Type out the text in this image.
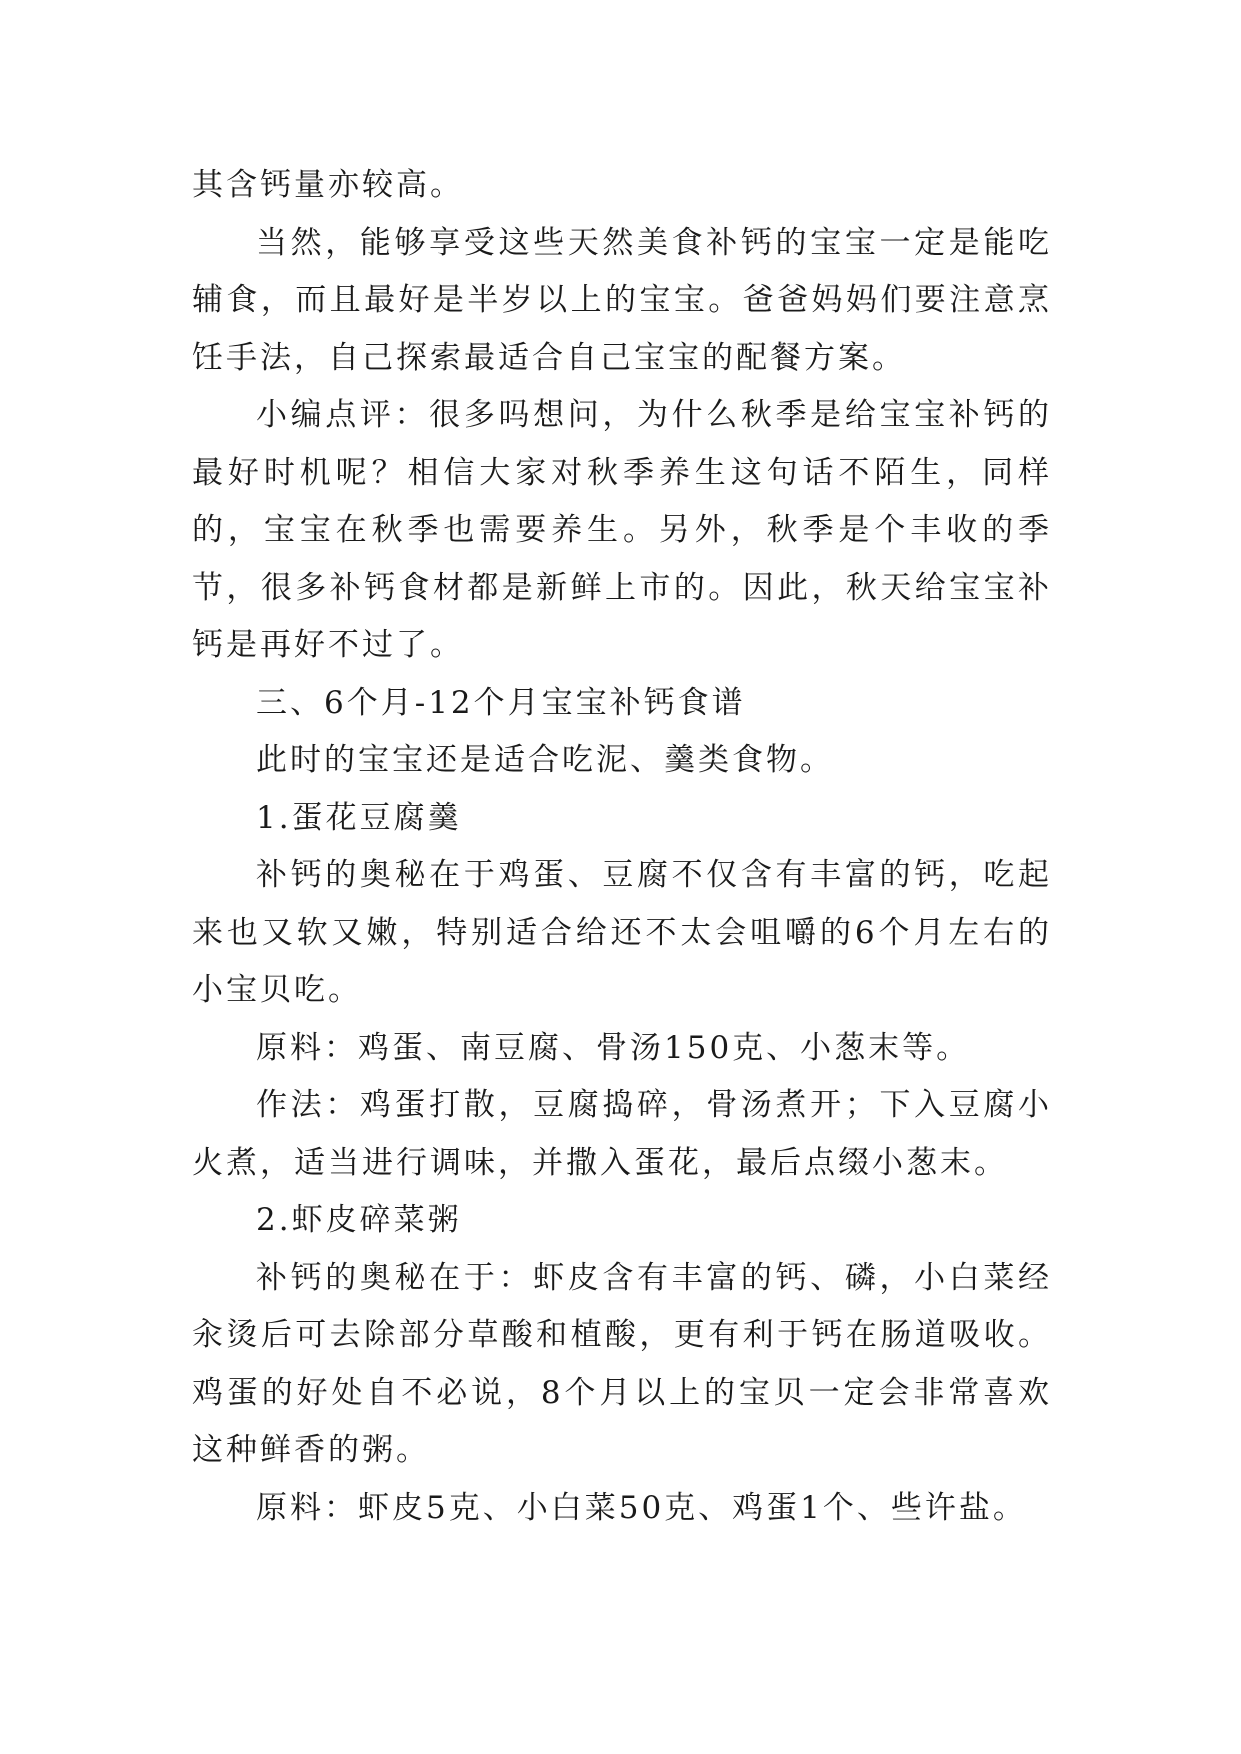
其含钙量亦较高。

当然，能够享受这些天然美食补钙的宝宝一定是能吃辅食，而且最好是半岁以上的宝宝。爸爸妈妈们要注意烹饪手法，自己探索最适合自己宝宝的配餐方案。

小编点评：很多吗想问，为什么秋季是给宝宝补钙的最好时机呢？相信大家对秋季养生这句话不陌生，同样的，宝宝在秋季也需要养生。另外，秋季是个丰收的季节，很多补钙食材都是新鲜上市的。因此，秋天给宝宝补钙是再好不过了。

三、6个月-12个月宝宝补钙食谱

此时的宝宝还是适合吃泥、羹类食物。

1.蛋花豆腐羹

补钙的奥秘在于鸡蛋、豆腐不仅含有丰富的钙，吃起来也又软又嫩，特别适合给还不太会咀嚼的6个月左右的小宝贝吃。

原料：鸡蛋、南豆腐、骨汤150克、小葱末等。

作法：鸡蛋打散，豆腐捣碎，骨汤煮开；下入豆腐小火煮，适当进行调味，并撒入蛋花，最后点缀小葱末。

2.虾皮碎菜粥

补钙的奥秘在于：虾皮含有丰富的钙、磷，小白菜经汆烫后可去除部分草酸和植酸，更有利于钙在肠道吸收。鸡蛋的好处自不必说，8个月以上的宝贝一定会非常喜欢这种鲜香的粥。

原料：虾皮5克、小白菜50克、鸡蛋1个、些许盐。
